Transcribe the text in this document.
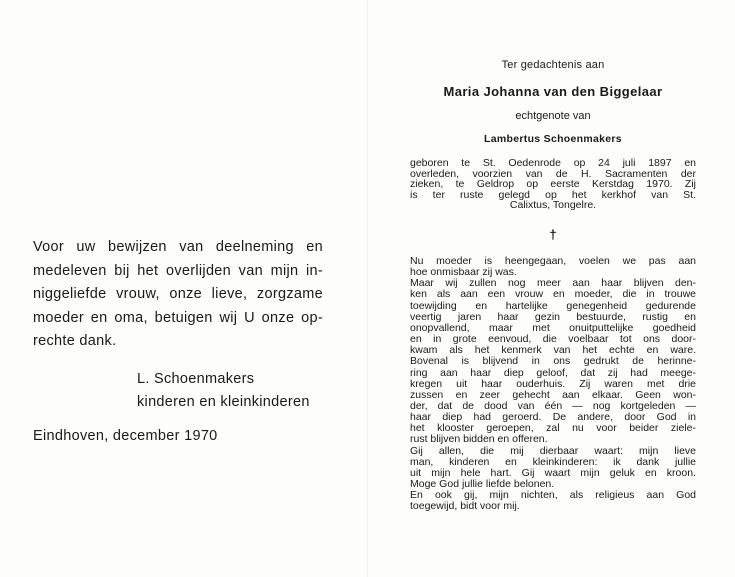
Voor uw bewijzen van deelneming en
medeleven bij het overlijden van mijn in-
niggeliefde vrouw, onze lieve, zorgzame
moeder en oma, betuigen wij U onze op-
rechte dank.
L. Schoenmakers
kinderen en kleinkinderen
Eindhoven, december 1970
Ter gedachtenis aan
Maria Johanna van den Biggelaar
echtgenote van
Lambertus Schoenmakers
geboren te St. Oedenrode op 24 juli 1897 en
overleden, voorzien van de H. Sacramenten der
zieken, te Geldrop op eerste Kerstdag 1970. Zij
is ter ruste gelegd op het kerkhof van St.
Calixtus, Tongelre.
†
Nu moeder is heengegaan, voelen we pas aan
hoe onmisbaar zij was.
Maar wij zullen nog meer aan haar blijven den-
ken als aan een vrouw en moeder, die in trouwe
toewijding en hartelijke genegenheid gedurende
veertig jaren haar gezin bestuurde, rustig en
onopvallend, maar met onuitputtelijke goedheid
en in grote eenvoud, die voelbaar tot ons door-
kwam als het kenmerk van het echte en ware.
Bovenal is blijvend in ons gedrukt de herinne-
ring aan haar diep geloof, dat zij had meege-
kregen uit haar ouderhuis. Zij waren met drie
zussen en zeer gehecht aan elkaar. Geen won-
der, dat de dood van één — nog kortgeleden —
haar diep had geroerd. De andere, door God in
het klooster geroepen, zal nu voor beider ziele-
rust blijven bidden en offeren.
Gij allen, die mij dierbaar waart: mijn lieve
man, kinderen en kleinkinderen: ik dank jullie
uit mijn hele hart. Gij waart mijn geluk en kroon.
Moge God jullie liefde belonen.
En ook gij, mijn nichten, als religieus aan God
toegewijd, bidt voor mij.
